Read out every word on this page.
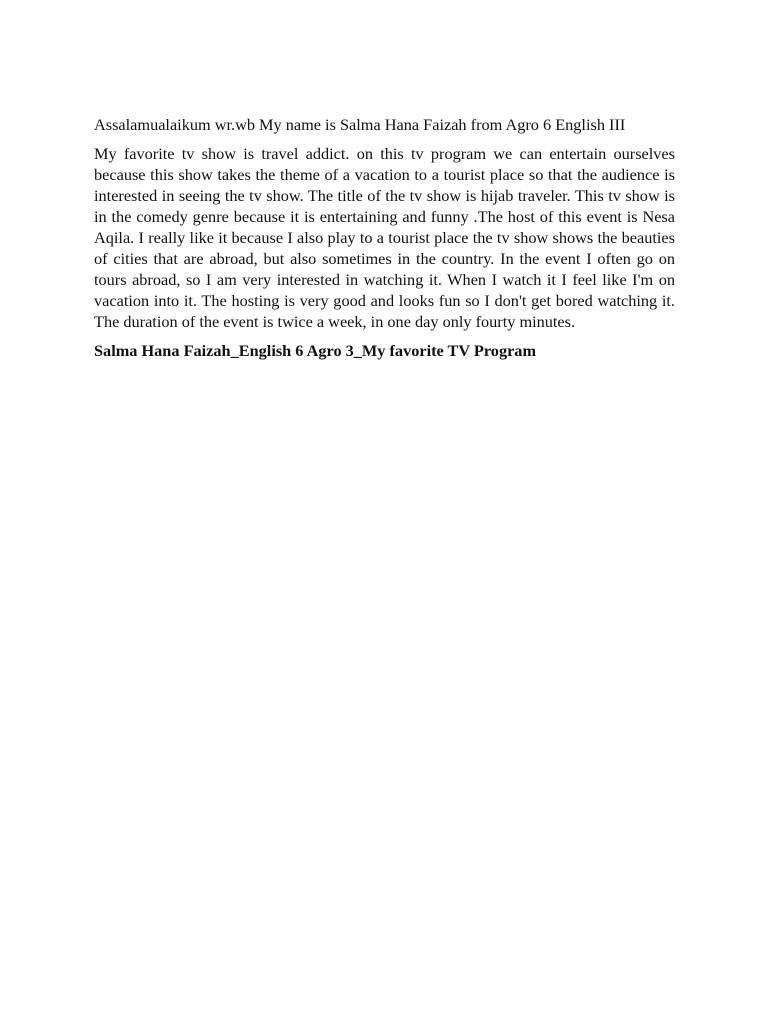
Assalamualaikum wr.wb My name is Salma Hana Faizah from Agro 6 English III

My favorite tv show is travel addict. on this tv program we can entertain ourselves because this show takes the theme of a vacation to a tourist place so that the audience is interested in seeing the tv show. The title of the tv show is hijab traveler. This tv show is in the comedy genre because it is entertaining and funny .The host of this event is Nesa Aqila. I really like it because I also play to a tourist place the tv show shows the beauties of cities that are abroad, but also sometimes in the country. In the event I often go on tours abroad, so I am very interested in watching it. When I watch it I feel like I'm on vacation into it. The hosting is very good and looks fun so I don't get bored watching it. The duration of the event is twice a week, in one day only fourty minutes.

Salma Hana Faizah_English 6 Agro 3_My favorite TV Program
